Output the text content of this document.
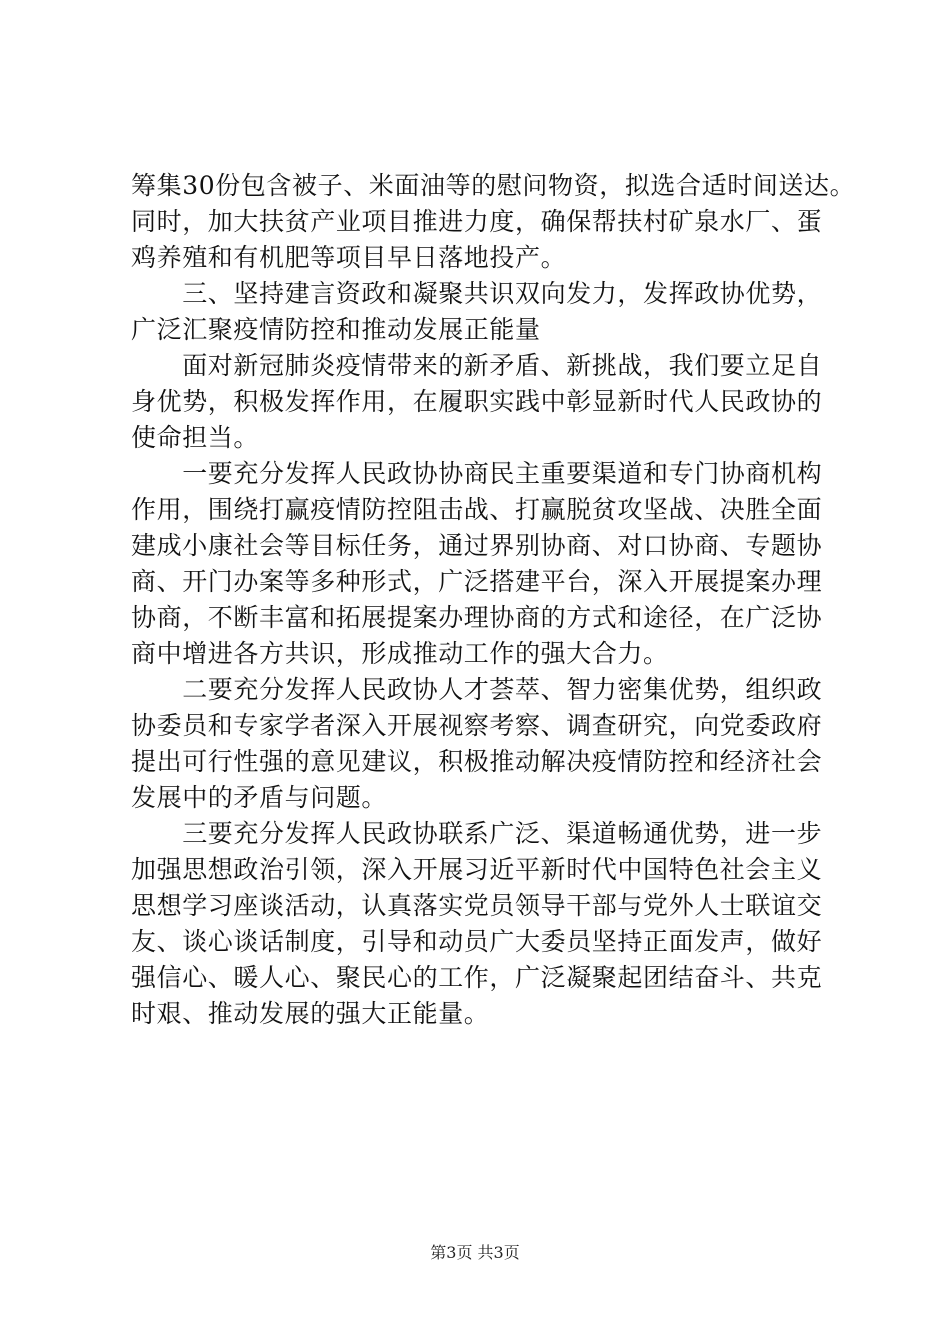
筹集30份包含被子、米面油等的慰问物资，拟选合适时间送达。
同时，加大扶贫产业项目推进力度，确保帮扶村矿泉水厂、蛋
鸡养殖和有机肥等项目早日落地投产。
　　三、坚持建言资政和凝聚共识双向发力，发挥政协优势，
广泛汇聚疫情防控和推动发展正能量
　　面对新冠肺炎疫情带来的新矛盾、新挑战，我们要立足自
身优势，积极发挥作用，在履职实践中彰显新时代人民政协的
使命担当。
　　一要充分发挥人民政协协商民主重要渠道和专门协商机构
作用，围绕打赢疫情防控阻击战、打赢脱贫攻坚战、决胜全面
建成小康社会等目标任务，通过界别协商、对口协商、专题协
商、开门办案等多种形式，广泛搭建平台，深入开展提案办理
协商，不断丰富和拓展提案办理协商的方式和途径，在广泛协
商中增进各方共识，形成推动工作的强大合力。
　　二要充分发挥人民政协人才荟萃、智力密集优势，组织政
协委员和专家学者深入开展视察考察、调查研究，向党委政府
提出可行性强的意见建议，积极推动解决疫情防控和经济社会
发展中的矛盾与问题。
　　三要充分发挥人民政协联系广泛、渠道畅通优势，进一步
加强思想政治引领，深入开展习近平新时代中国特色社会主义
思想学习座谈活动，认真落实党员领导干部与党外人士联谊交
友、谈心谈话制度，引导和动员广大委员坚持正面发声，做好
强信心、暖人心、聚民心的工作，广泛凝聚起团结奋斗、共克
时艰、推动发展的强大正能量。
第3页 共3页
